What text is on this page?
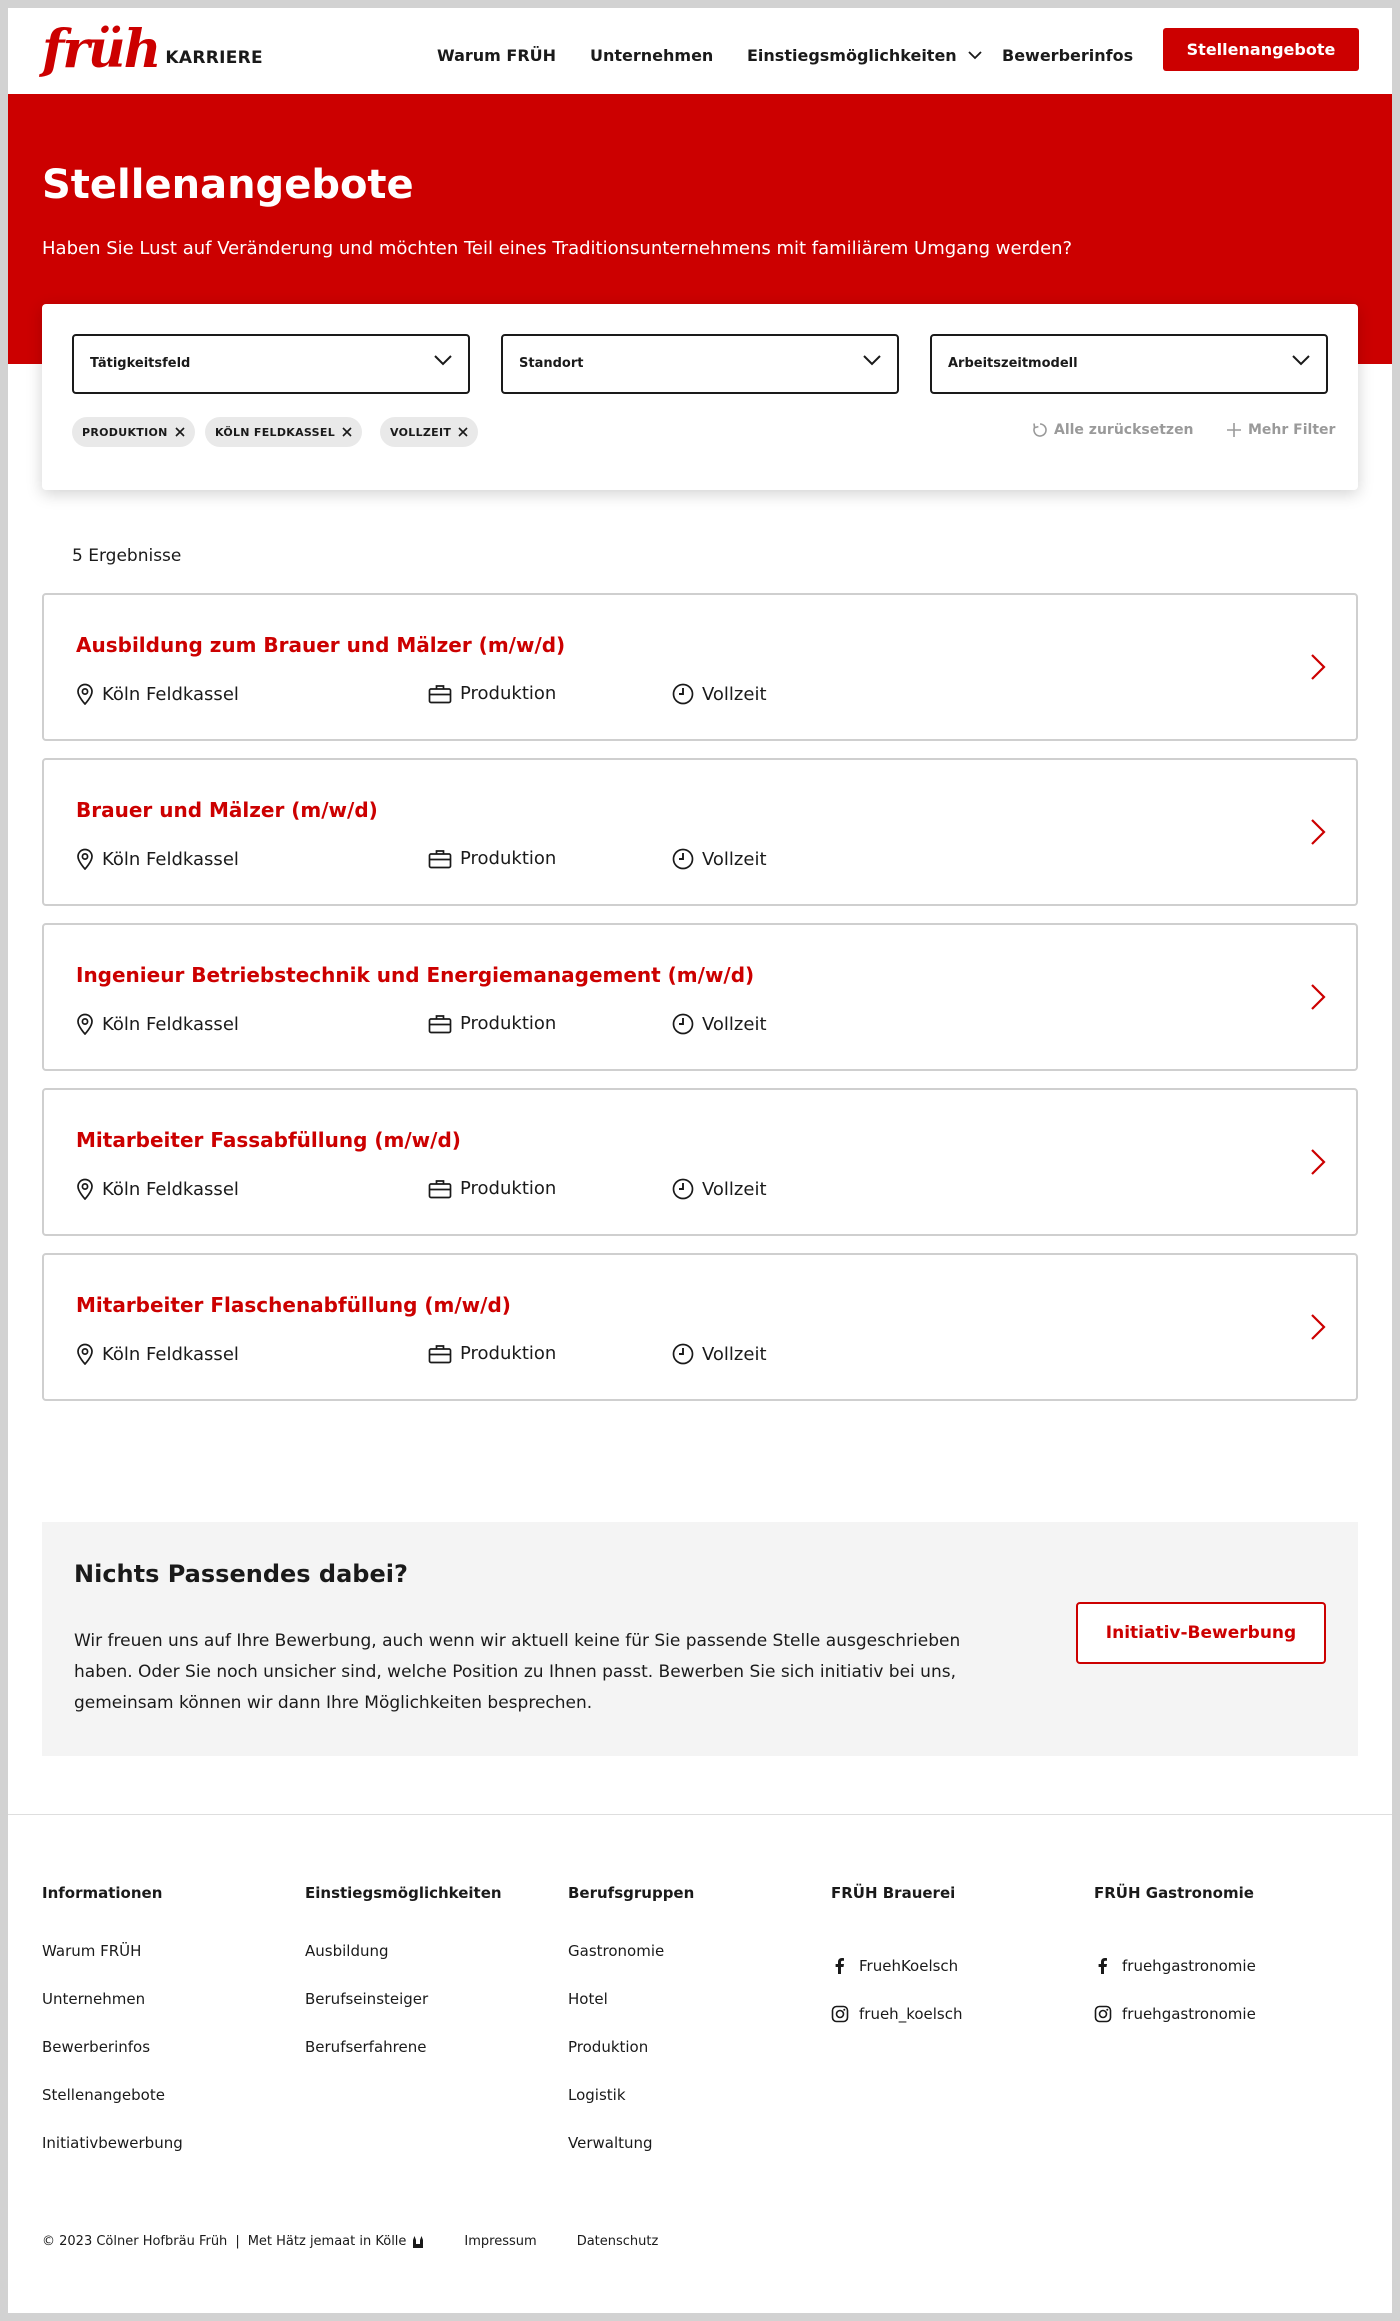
früh KARRIERE	Warum FRÜH Unternehmen Einstiegsmöglichkeiten	Bewerberinfos	Stellenangebote
Stellenangebote

Haben Sie Lust auf Veränderung und möchten Teil eines Traditionsunternehmens mit familiärem Umgang werden?

Tätigkeitsfeld	Standort	Arbeitszeitmodell
PRODUKTION	KÖLN FELDKASSEL	VOLLZEIT	Alle zurücksetzen	Mehr Filter
5 Ergebnisse
Ausbildung zum Brauer und Mälzer (m/w/d)
Köln Feldkassel	Produktion	Vollzeit
Brauer und Mälzer (m/w/d)
Köln Feldkassel	Produktion	Vollzeit
Ingenieur Betriebstechnik und Energiemanagement (m/w/d)
Köln Feldkassel	Produktion	Vollzeit
Mitarbeiter Fassabfüllung (m/w/d)
Köln Feldkassel	Produktion	Vollzeit
Mitarbeiter Flaschenabfüllung (m/w/d)
Köln Feldkassel	Produktion	Vollzeit
Nichts Passendes dabei?

Wir freuen uns auf Ihre Bewerbung, auch wenn wir aktuell keine für Sie passende Stelle ausgeschrieben haben. Oder Sie noch unsicher sind, welche Position zu Ihnen passt. Bewerben Sie sich initiativ bei uns, gemeinsam können wir dann Ihre Möglichkeiten besprechen.

Initiativ-Bewerbung
Informationen
Warum FRÜH
Unternehmen
Bewerberinfos
Stellenangebote
Initiativbewerbung
Einstiegsmöglichkeiten
Ausbildung
Berufseinsteiger
Berufserfahrene
Berufsgruppen
Gastronomie
Hotel
Produktion
Logistik
Verwaltung
FRÜH Brauerei
FruehKoelsch
frueh_koelsch
FRÜH Gastronomie
fruehgastronomie
fruehgastronomie
© 2023 Cölner Hofbräu Früh | Met Hätz jemaat in Kölle	Impressum	Datenschutz
